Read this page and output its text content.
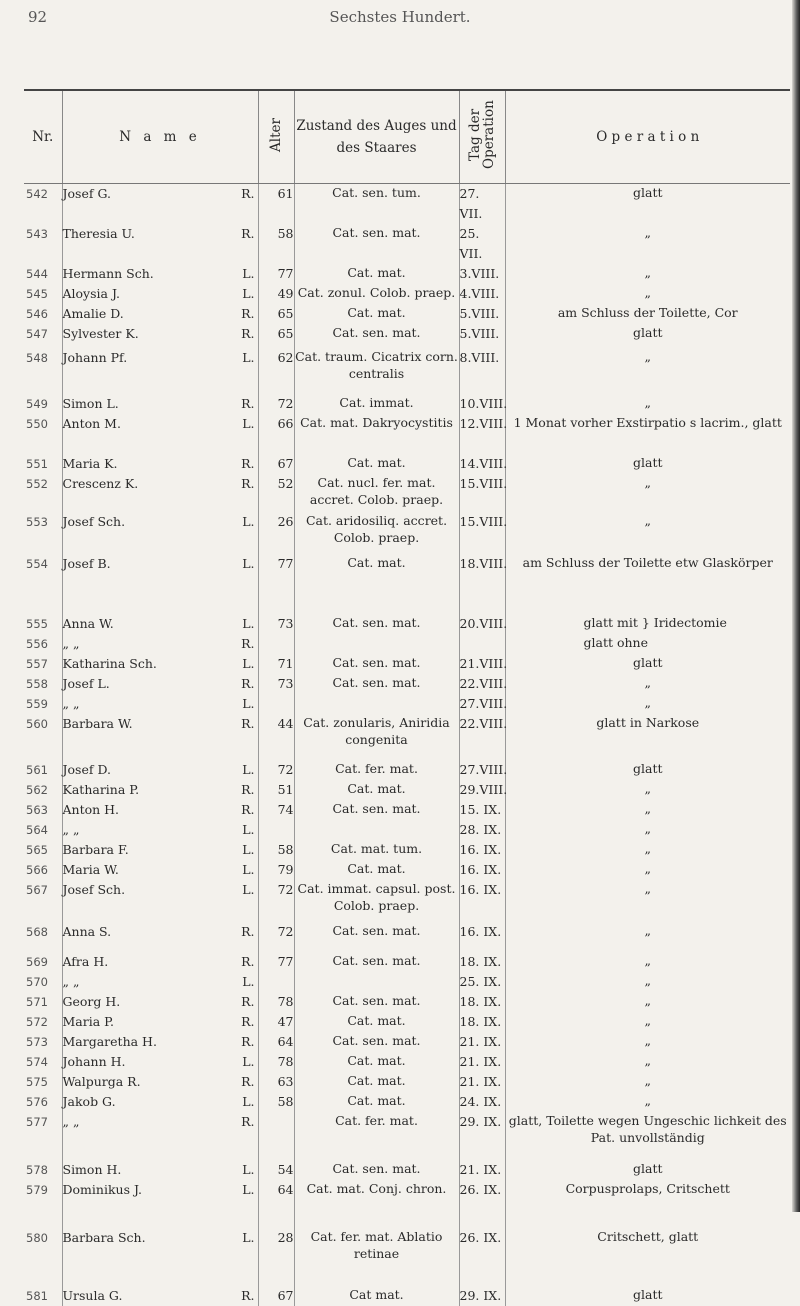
92	Sechstes Hundert.
Nr.	N a m e	Alter	Zustand des Auges und des Staares	Tag der Operation	O p e r a t i o n
542	Josef G. R.	61	Cat. sen. tum.	27. VII.	glatt
543	Theresia U. R.	58	Cat. sen. mat.	25. VII.	„
544	Hermann Sch. L.	77	Cat. mat.	3.VIII.	„
545	Aloysia J. L.	49	Cat. zonul. Colob. praep.	4.VIII.	„
546	Amalie D. R.	65	Cat. mat.	5.VIII.	am Schluss der Toilette, Cor
547	Sylvester K. R.	65	Cat. sen. mat.	5.VIII.	glatt
548	Johann Pf. L.	62	Cat. traum. Cicatrix corn. centralis	8.VIII.	„
549	Simon L. R.	72	Cat. immat.	10.VIII.	„
550	Anton M. L.	66	Cat. mat. Dakryocystitis	12.VIII.	1 Monat vorher Exstirpatio s lacrim., glatt
551	Maria K. R.	67	Cat. mat.	14.VIII.	glatt
552	Crescenz K. R.	52	Cat. nucl. fer. mat. accret. Colob. praep.	15.VIII.	„
553	Josef Sch. L.	26	Cat. aridosiliq. accret. Colob. praep.	15.VIII.	„
554	Josef B. L.	77	Cat. mat.	18.VIII.	am Schluss der Toilette etw Glaskörper
555	Anna W. L.	73	Cat. sen. mat.	20.VIII.	glatt mit } Iridectomie
556	„ „ R.				glatt ohne
557	Katharina Sch. L.	71	Cat. sen. mat.	21.VIII.	glatt
558	Josef L. R.	73	Cat. sen. mat.	22.VIII.	„
559	„ „ L.			27.VIII.	„
560	Barbara W. R.	44	Cat. zonularis, Aniridia congenita	22.VIII.	glatt in Narkose
561	Josef D. L.	72	Cat. fer. mat.	27.VIII.	glatt
562	Katharina P. R.	51	Cat. mat.	29.VIII.	„
563	Anton H. R.	74	Cat. sen. mat.	15. IX.	„
564	„ „ L.			28. IX.	„
565	Barbara F. L.	58	Cat. mat. tum.	16. IX.	„
566	Maria W. L.	79	Cat. mat.	16. IX.	„
567	Josef Sch. L.	72	Cat. immat. capsul. post. Colob. praep.	16. IX.	„
568	Anna S. R.	72	Cat. sen. mat.	16. IX.	„
569	Afra H. R.	77	Cat. sen. mat.	18. IX.	„
570	„ „ L.			25. IX.	„
571	Georg H. R.	78	Cat. sen. mat.	18. IX.	„
572	Maria P. R.	47	Cat. mat.	18. IX.	„
573	Margaretha H. R.	64	Cat. sen. mat.	21. IX.	„
574	Johann H. L.	78	Cat. mat.	21. IX.	„
575	Walpurga R. R.	63	Cat. mat.	21. IX.	„
576	Jakob G. L.	58	Cat. mat.	24. IX.	„
577	„ „ R.		Cat. fer. mat.	29. IX.	glatt, Toilette wegen Ungeschic lichkeit des Pat. unvollständig
578	Simon H. L.	54	Cat. sen. mat.	21. IX.	glatt
579	Dominikus J. L.	64	Cat. mat. Conj. chron.	26. IX.	Corpusprolaps, Critschett
580	Barbara Sch. L.	28	Cat. fer. mat. Ablatio retinae	26. IX.	Critschett, glatt
581	Ursula G. R.	67	Cat mat.	29. IX.	glatt
